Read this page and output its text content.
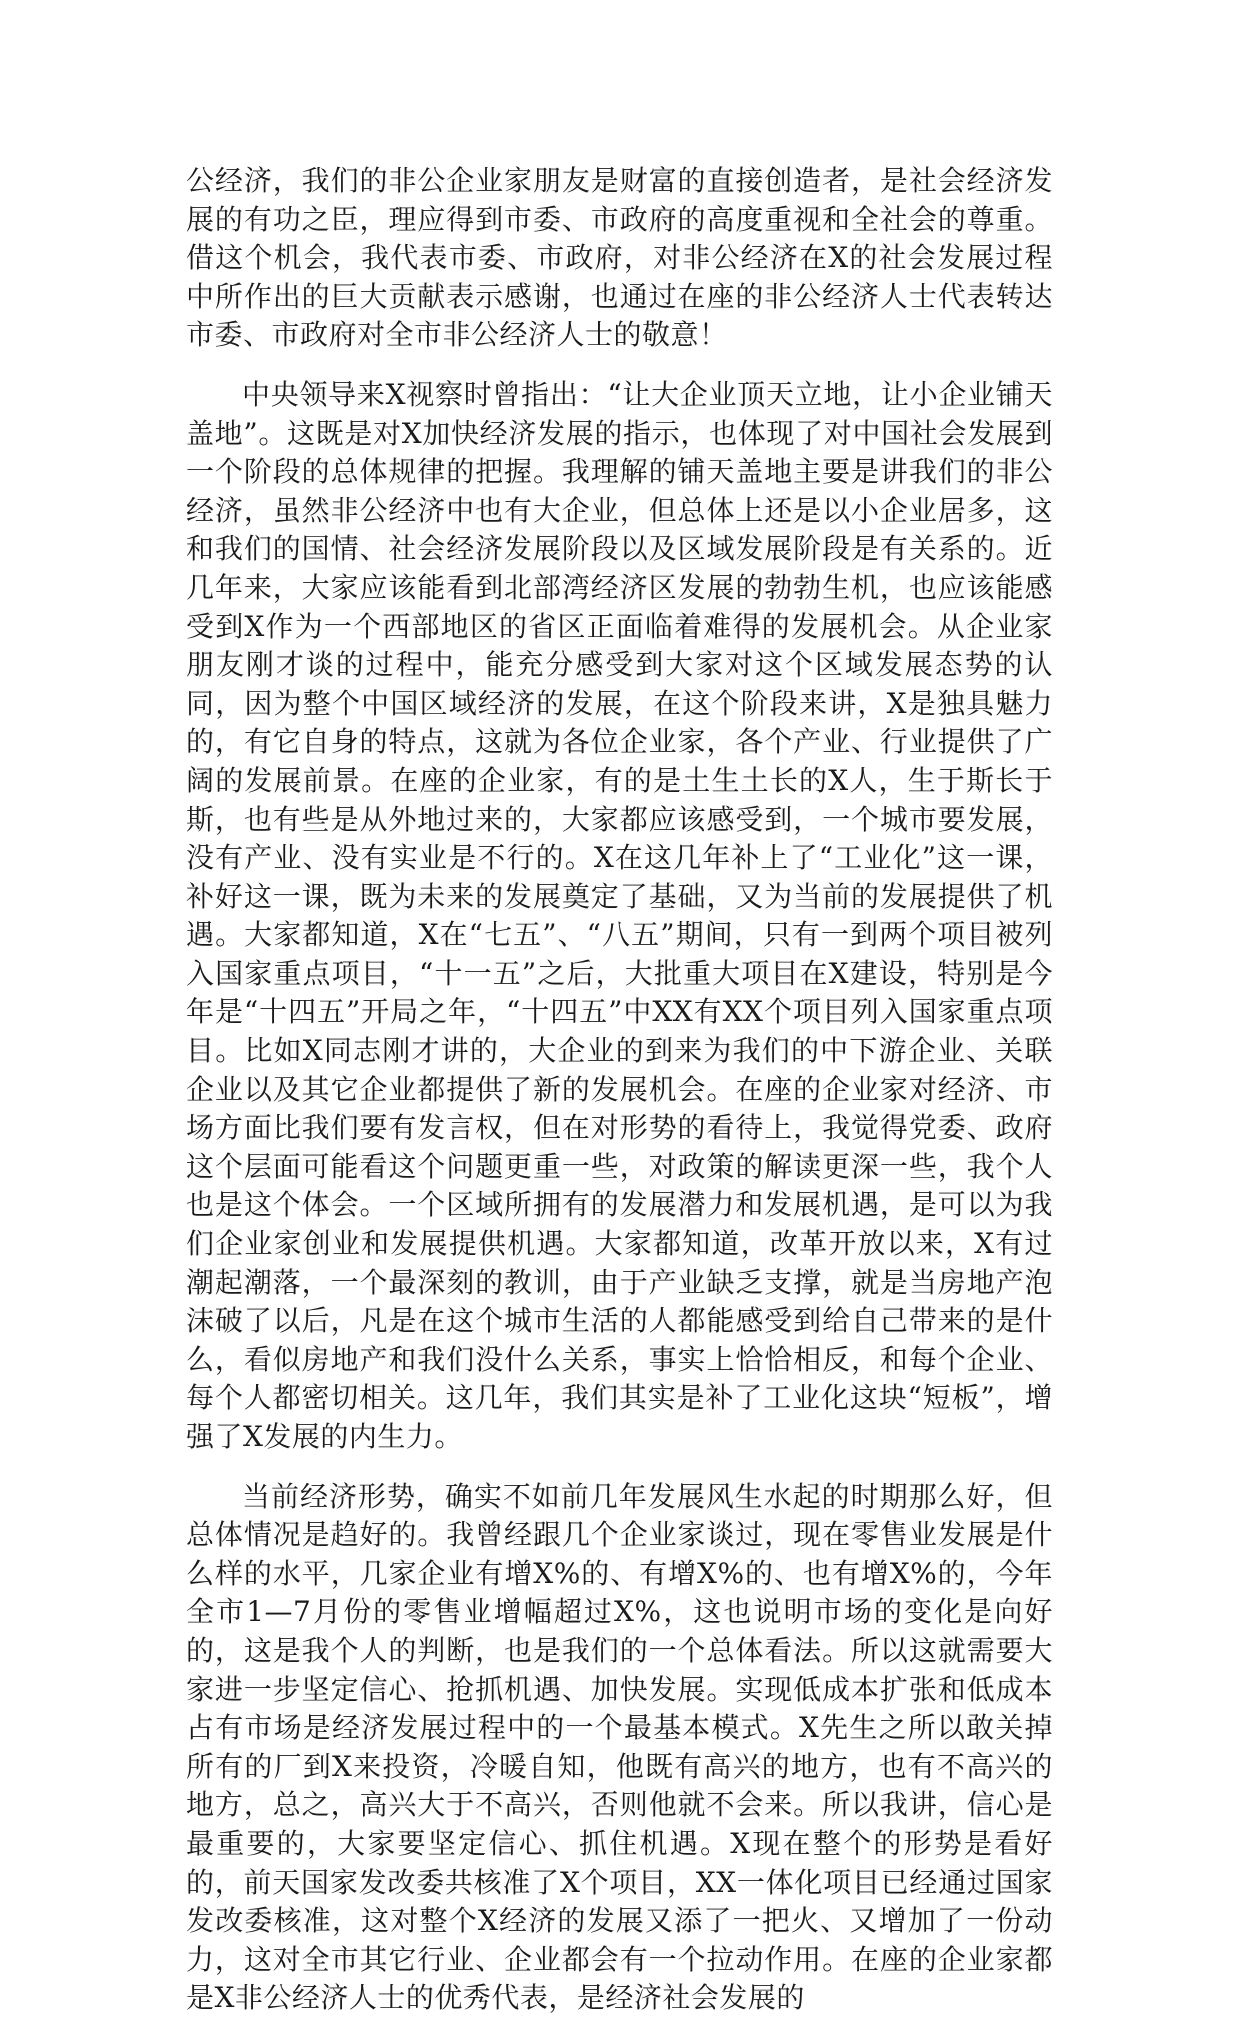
公经济，我们的非公企业家朋友是财富的直接创造者，是社会经济发展的有功之臣，理应得到市委、市政府的高度重视和全社会的尊重。借这个机会，我代表市委、市政府，对非公经济在X的社会发展过程中所作出的巨大贡献表示感谢，也通过在座的非公经济人士代表转达市委、市政府对全市非公经济人士的敬意！

中央领导来X视察时曾指出：“让大企业顶天立地，让小企业铺天盖地”。这既是对X加快经济发展的指示，也体现了对中国社会发展到一个阶段的总体规律的把握。我理解的铺天盖地主要是讲我们的非公经济，虽然非公经济中也有大企业，但总体上还是以小企业居多，这和我们的国情、社会经济发展阶段以及区域发展阶段是有关系的。近几年来，大家应该能看到北部湾经济区发展的勃勃生机，也应该能感受到X作为一个西部地区的省区正面临着难得的发展机会。从企业家朋友刚才谈的过程中，能充分感受到大家对这个区域发展态势的认同，因为整个中国区域经济的发展，在这个阶段来讲，X是独具魅力的，有它自身的特点，这就为各位企业家，各个产业、行业提供了广阔的发展前景。在座的企业家，有的是土生土长的X人，生于斯长于斯，也有些是从外地过来的，大家都应该感受到，一个城市要发展，没有产业、没有实业是不行的。X在这几年补上了“工业化”这一课，补好这一课，既为未来的发展奠定了基础，又为当前的发展提供了机遇。大家都知道，X在“七五”、“八五”期间，只有一到两个项目被列入国家重点项目，“十一五”之后，大批重大项目在X建设，特别是今年是“十四五”开局之年，“十四五”中XX有XX个项目列入国家重点项目。比如X同志刚才讲的，大企业的到来为我们的中下游企业、关联企业以及其它企业都提供了新的发展机会。在座的企业家对经济、市场方面比我们要有发言权，但在对形势的看待上，我觉得党委、政府这个层面可能看这个问题更重一些，对政策的解读更深一些，我个人也是这个体会。一个区域所拥有的发展潜力和发展机遇，是可以为我们企业家创业和发展提供机遇。大家都知道，改革开放以来，X有过潮起潮落，一个最深刻的教训，由于产业缺乏支撑，就是当房地产泡沫破了以后，凡是在这个城市生活的人都能感受到给自己带来的是什么，看似房地产和我们没什么关系，事实上恰恰相反，和每个企业、每个人都密切相关。这几年，我们其实是补了工业化这块“短板”，增强了X发展的内生力。

当前经济形势，确实不如前几年发展风生水起的时期那么好，但总体情况是趋好的。我曾经跟几个企业家谈过，现在零售业发展是什么样的水平，几家企业有增X%的、有增X%的、也有增X%的，今年全市1—7月份的零售业增幅超过X%，这也说明市场的变化是向好的，这是我个人的判断，也是我们的一个总体看法。所以这就需要大家进一步坚定信心、抢抓机遇、加快发展。实现低成本扩张和低成本占有市场是经济发展过程中的一个最基本模式。X先生之所以敢关掉所有的厂到X来投资，冷暖自知，他既有高兴的地方，也有不高兴的地方，总之，高兴大于不高兴，否则他就不会来。所以我讲，信心是最重要的，大家要坚定信心、抓住机遇。X现在整个的形势是看好的，前天国家发改委共核准了X个项目，XX一体化项目已经通过国家发改委核准，这对整个X经济的发展又添了一把火、又增加了一份动力，这对全市其它行业、企业都会有一个拉动作用。在座的企业家都是X非公经济人士的优秀代表，是经济社会发展的
